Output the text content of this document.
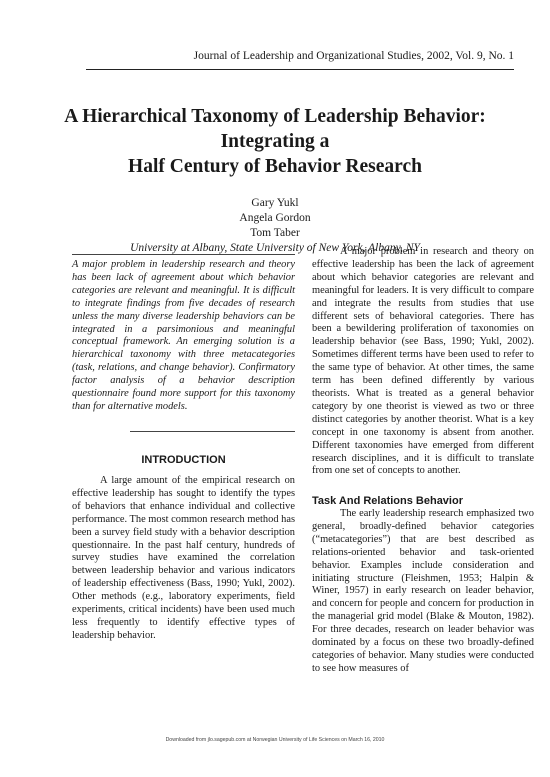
Journal of Leadership and Organizational Studies, 2002, Vol. 9, No. 1
A Hierarchical Taxonomy of Leadership Behavior:
Integrating a
Half Century of Behavior Research
Gary Yukl
Angela Gordon
Tom Taber
University at Albany, State University of New York, Albany, NY
A major problem in leadership research and theory has been lack of agreement about which behavior categories are relevant and meaningful. It is difficult to integrate findings from five decades of research unless the many diverse leadership behaviors can be integrated in a parsimonious and meaningful conceptual framework. An emerging solution is a hierarchical taxonomy with three metacategories (task, relations, and change behavior). Confirmatory factor analysis of a behavior description questionnaire found more support for this taxonomy than for alternative models.
INTRODUCTION

A large amount of the empirical research on effective leadership has sought to identify the types of behaviors that enhance individual and collective performance. The most common research method has been a survey field study with a behavior description questionnaire. In the past half century, hundreds of survey studies have examined the correlation between leadership behavior and various indicators of leadership effectiveness (Bass, 1990; Yukl, 2002). Other methods (e.g., laboratory experiments, field experiments, critical incidents) have been used much less frequently to identify effective types of leadership behavior.

A major problem in research and theory on effective leadership has been the lack of agreement about which behavior categories are relevant and meaningful for leaders. It is very difficult to compare and integrate the results from studies that use different sets of behavioral categories. There has been a bewildering proliferation of taxonomies on leadership behavior (see Bass, 1990; Yukl, 2002). Sometimes different terms have been used to refer to the same type of behavior. At other times, the same term has been defined differently by various theorists. What is treated as a general behavior category by one theorist is viewed as two or three distinct categories by another theorist. What is a key concept in one taxonomy is absent from another. Different taxonomies have emerged from different research disciplines, and it is difficult to translate from one set of concepts to another.

Task And Relations Behavior

The early leadership research emphasized two general, broadly-defined behavior categories (“metacategories”) that are best described as relations-oriented behavior and task-oriented behavior. Examples include consideration and initiating structure (Fleishmen, 1953; Halpin & Winer, 1957) in early research on leader behavior, and concern for people and concern for production in the managerial grid model (Blake & Mouton, 1982). For three decades, research on leader behavior was dominated by a focus on these two broadly-defined categories of behavior. Many studies were conducted to see how measures of

Downloaded from jlo.sagepub.com at Norwegian University of Life Sciences on March 16, 2010
